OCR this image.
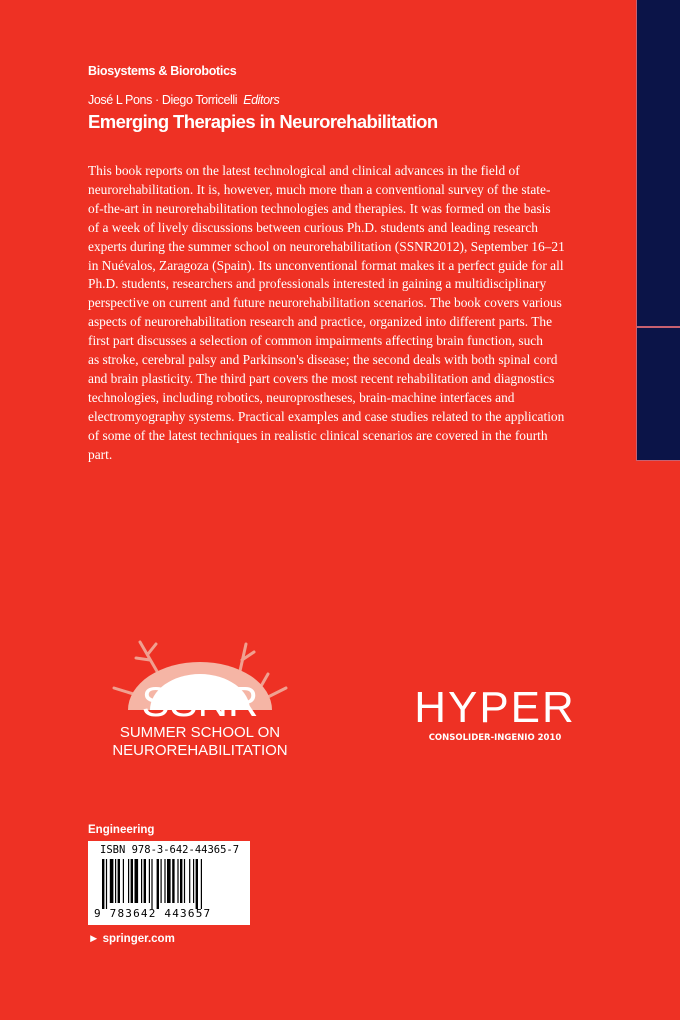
Biosystems & Biorobotics
José L Pons · Diego Torricelli Editors
Emerging Therapies in Neurorehabilitation
This book reports on the latest technological and clinical advances in the field of
neurorehabilitation. It is, however, much more than a conventional survey of the state-
of-the-art in neurorehabilitation technologies and therapies. It was formed on the basis
of a week of lively discussions between curious Ph.D. students and leading research
experts during the summer school on neurorehabilitation (SSNR2012), September 16–21
in Nuévalos, Zaragoza (Spain). Its unconventional format makes it a perfect guide for all
Ph.D. students, researchers and professionals interested in gaining a multidisciplinary
perspective on current and future neurorehabilitation scenarios. The book covers various
aspects of neurorehabilitation research and practice, organized into different parts. The
first part discusses a selection of common impairments affecting brain function, such
as stroke, cerebral palsy and Parkinson's disease; the second deals with both spinal cord
and brain plasticity. The third part covers the most recent rehabilitation and diagnostics
technologies, including robotics, neuroprostheses, brain-machine interfaces and
electromyography systems. Practical examples and case studies related to the application
of some of the latest techniques in realistic clinical scenarios are covered in the fourth
part.
SSNR
SUMMER SCHOOL ON
NEUROREHABILITATION
HYPER
CONSOLIDER-INGENIO 2010
Engineering
ISBN 978-3-642-44365-7
9 783642 443657
► springer.com
